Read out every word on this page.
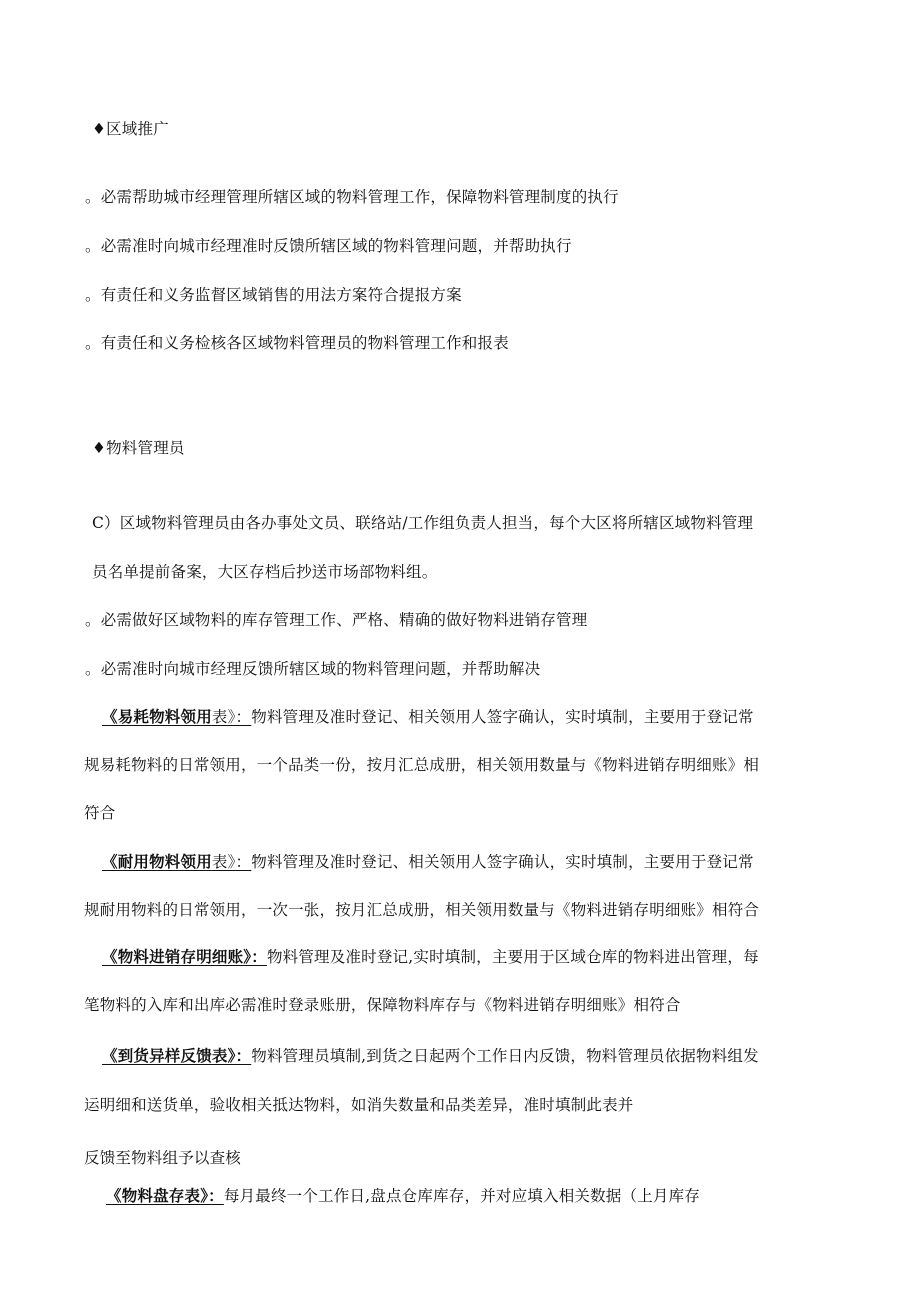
♦区域推广
。必需帮助城市经理管理所辖区域的物料管理工作，保障物料管理制度的执行
。必需准时向城市经理准时反馈所辖区域的物料管理问题，并帮助执行
。有责任和义务监督区域销售的用法方案符合提报方案
。有责任和义务检核各区域物料管理员的物料管理工作和报表
♦物料管理员
C）区域物料管理员由各办事处文员、联络站/工作组负责人担当，每个大区将所辖区域物料管理
员名单提前备案，大区存档后抄送市场部物料组。
。必需做好区域物料的库存管理工作、严格、精确的做好物料进销存管理
。必需准时向城市经理反馈所辖区域的物料管理问题，并帮助解决
《易耗物料领用表》：物料管理及准时登记、相关领用人签字确认，实时填制，主要用于登记常
规易耗物料的日常领用，一个品类一份，按月汇总成册，相关领用数量与《物料进销存明细账》相
符合
《耐用物料领用表》：物料管理及准时登记、相关领用人签字确认，实时填制，主要用于登记常
规耐用物料的日常领用，一次一张，按月汇总成册，相关领用数量与《物料进销存明细账》相符合
《物料进销存明细账》：物料管理及准时登记,实时填制，主要用于区域仓库的物料进出管理，每
笔物料的入库和出库必需准时登录账册，保障物料库存与《物料进销存明细账》相符合
《到货异样反馈表》：物料管理员填制,到货之日起两个工作日内反馈，物料管理员依据物料组发
运明细和送货单，验收相关抵达物料，如消失数量和品类差异，准时填制此表并
反馈至物料组予以查核
《物料盘存表》：每月最终一个工作日,盘点仓库库存，并对应填入相关数据（上月库存
